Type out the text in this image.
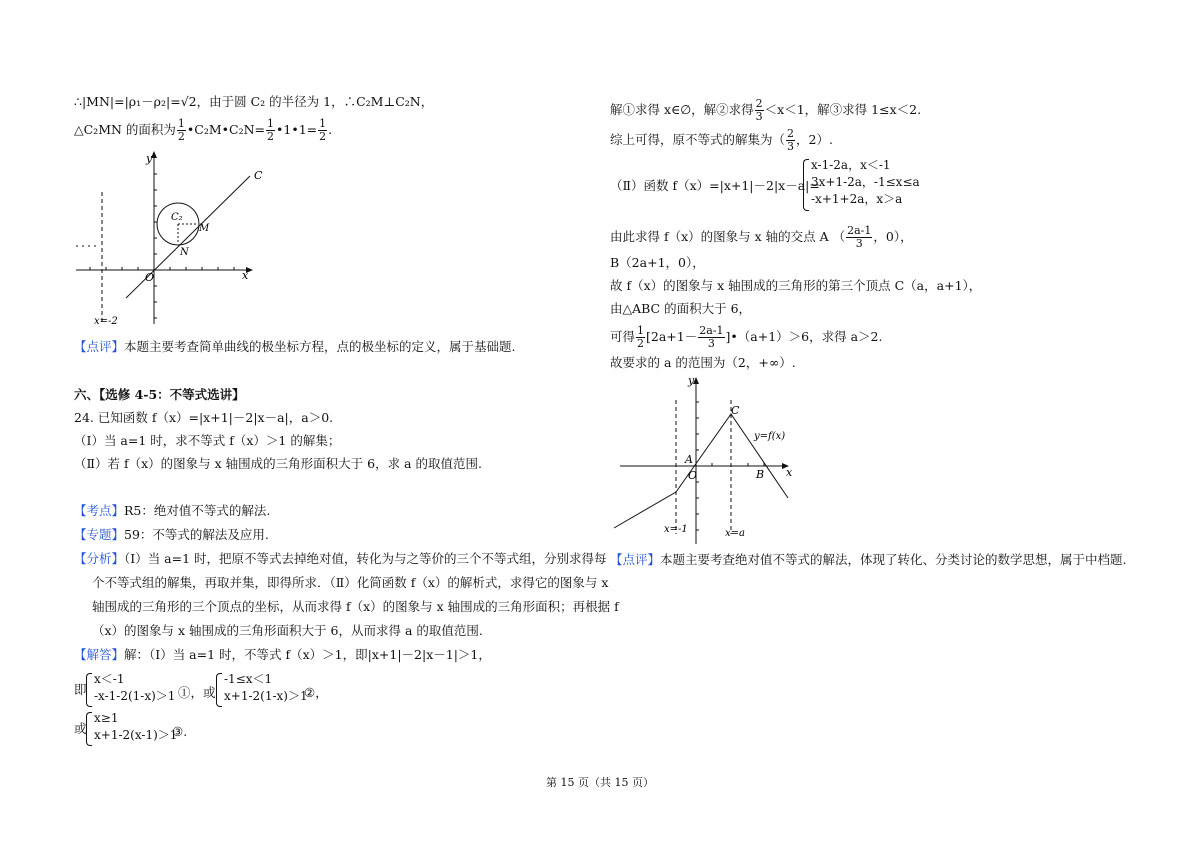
∴|MN|=|ρ₁－ρ₂|=√2，由于圆 C₂ 的半径为 1，∴C₂M⊥C₂N，
△C₂MN 的面积为 $\frac{1}{2}$ •C₂M•C₂N= $\frac{1}{2}$ •1•1= $\frac{1}{2}$ .
y
x
O
C
C₂
M
N
x=-2
【点评】本题主要考查简单曲线的极坐标方程，点的极坐标的定义，属于基础题.
六、【选修 4-5：不等式选讲】
24. 已知函数 f（x）=|x+1|－2|x－a|，a＞0.
（Ⅰ）当 a=1 时，求不等式 f（x）＞1 的解集；
（Ⅱ）若 f（x）的图象与 x 轴围成的三角形面积大于 6，求 a 的取值范围.
【考点】R5：绝对值不等式的解法.
【专题】59：不等式的解法及应用.
【分析】（Ⅰ）当 a=1 时，把原不等式去掉绝对值，转化为与之等价的三个不等式组，分别求得每
个不等式组的解集，再取并集，即得所求．（Ⅱ）化简函数 f（x）的解析式，求得它的图象与 x
轴围成的三角形的三个顶点的坐标，从而求得 f（x）的图象与 x 轴围成的三角形面积；再根据 f
（x）的图象与 x 轴围成的三角形面积大于 6，从而求得 a 的取值范围.
【解答】解：（Ⅰ）当 a=1 时，不等式 f（x）＞1，即|x+1|－2|x－1|＞1，
即
x＜-1
-x-1-2(1-x)＞1 ①，或
-1≤x＜1
x+1-2(1-x)＞1
②，
或
x≥1
x+1-2(x-1)＞1
③.
解①求得 x∈∅，解②求得 $\frac{2}{3} <x<1$，解③求得 1≤x＜2.
综上可得，原不等式的解集为（ $\frac{2}{3}$ ，2）.
（Ⅱ）函数 f（x）=|x+1|－2|x－a|=
x-1-2a，x＜-1
3x+1-2a，-1≤x≤a
-x+1+2a，x＞a
由此求得 f（x）的图象与 x 轴的交点 A （ $\frac{2a-1}{3}$ ，0），
B（2a+1，0），
故 f（x）的图象与 x 轴围成的三角形的第三个顶点 C（a，a+1），
由△ABC 的面积大于 6，
可得 $\frac{1}{2} [2a+1- \frac{2a-1}{3}$ ]•（a+1）＞6，求得 a＞2.
故要求的 a 的范围为（2，+∞）.
y
x
O
A
B
C
y=f(x)
x=-1	x=a
【点评】本题主要考查绝对值不等式的解法，体现了转化、分类讨论的数学思想，属于中档题.
第 15 页（共 15 页）
